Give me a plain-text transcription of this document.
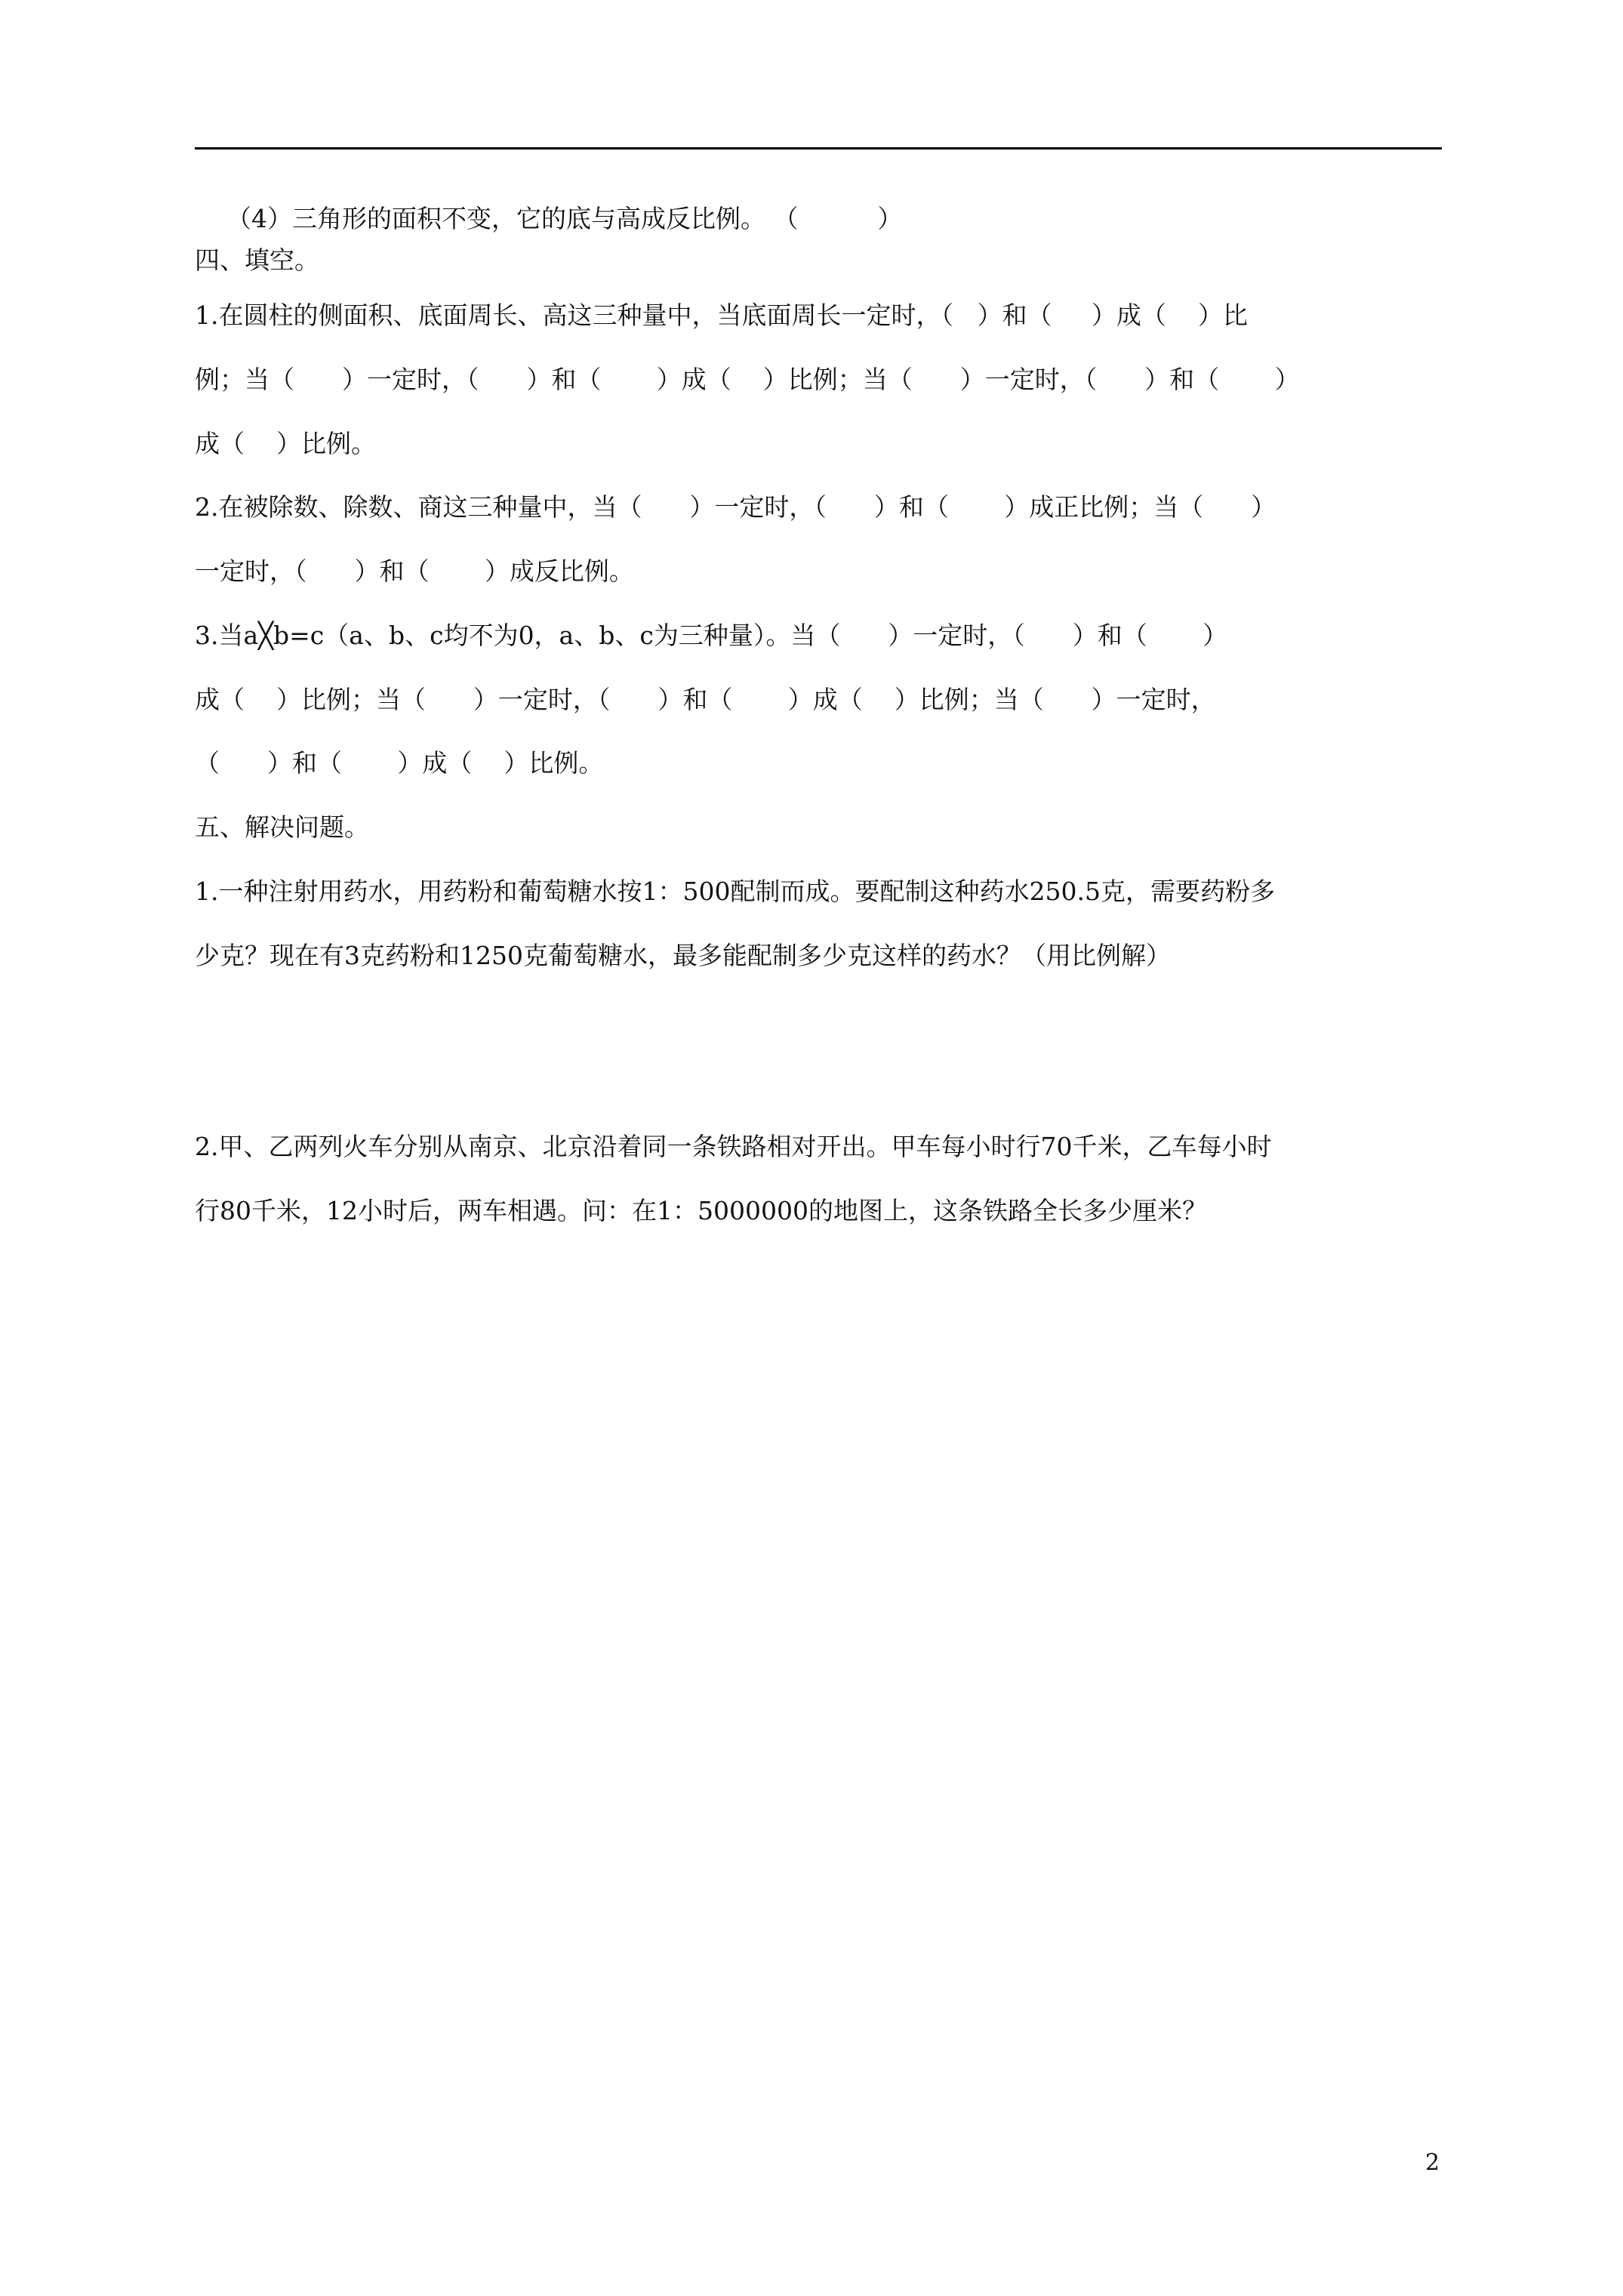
（4）三角形的面积不变，它的底与高成反比例。 （          ）
四、填空。
1.在圆柱的侧面积、底面周长、高这三种量中，当底面周长一定时，（   ）和（     ）成（    ）比
例；当（      ）一定时，（      ）和（       ）成（    ）比例；当（      ）一定时，（      ）和（       ）
成（    ）比例。
2.在被除数、除数、商这三种量中，当（      ）一定时，（      ）和（       ）成正比例；当（      ）
一定时，（      ）和（       ）成反比例。
3.当a╳b=c（a、b、c均不为0，a、b、c为三种量）。当（      ）一定时，（      ）和（       ）
成（    ）比例；当（      ）一定时，（      ）和（       ）成（    ）比例；当（      ）一定时，
（      ）和（       ）成（    ）比例。
五、解决问题。
1.一种注射用药水，用药粉和葡萄糖水按1：500配制而成。要配制这种药水250.5克，需要药粉多
少克？现在有3克药粉和1250克葡萄糖水，最多能配制多少克这样的药水？（用比例解）
2.甲、乙两列火车分别从南京、北京沿着同一条铁路相对开出。甲车每小时行70千米，乙车每小时
行80千米，12小时后，两车相遇。问：在1：5000000的地图上，这条铁路全长多少厘米？
2
